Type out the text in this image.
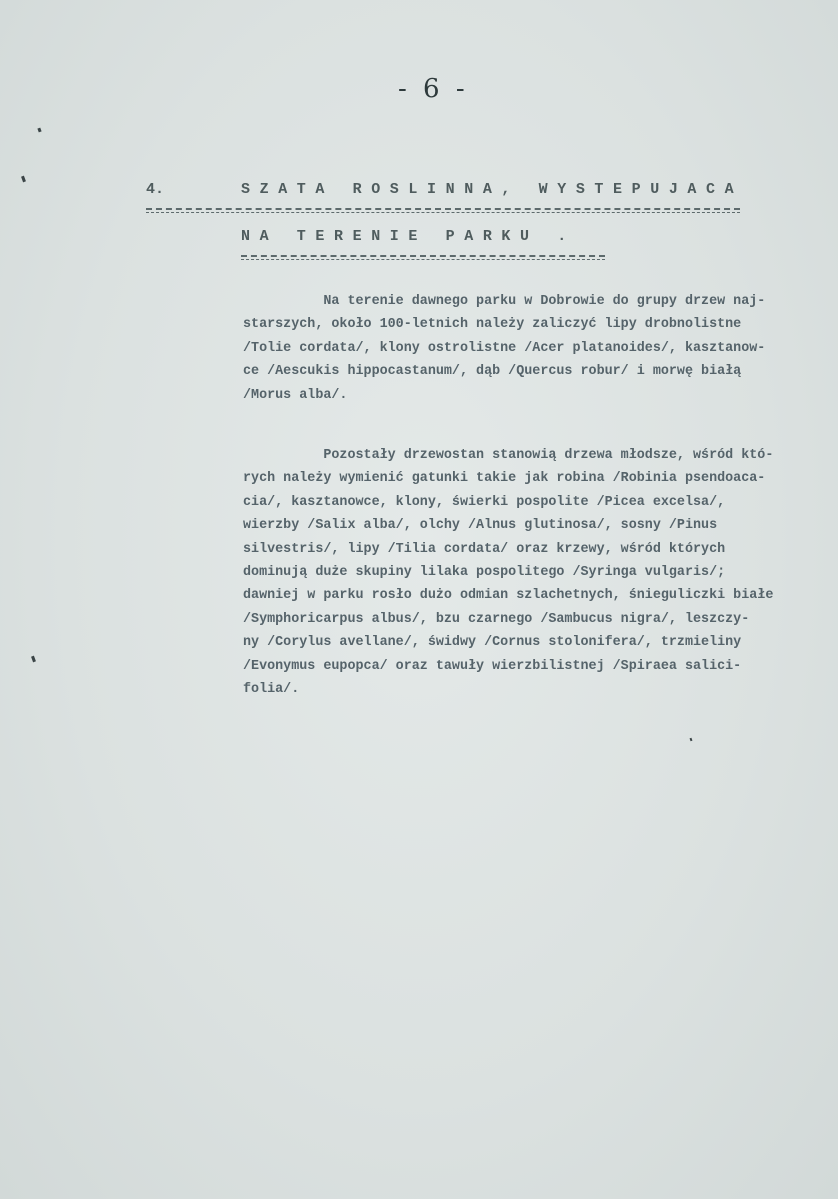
- 6 -
4.	SZATA ROSLINNA, WYSTEPUJACA
NA TERENIE PARKU .
Na terenie dawnego parku w Dobrowie do grupy drzew naj-
starszych, około 100-letnich należy zaliczyć lipy drobnolistne
/Tolie cordata/, klony ostrolistne /Acer platanoides/, kasztanow-
ce /Aescukis hippocastanum/, dąb /Quercus robur/ i morwę białą
/Morus alba/.
Pozostały drzewostan stanowią drzewa młodsze, wśród któ-
rych należy wymienić gatunki takie jak robina /Robinia psendoaca-
cia/, kasztanowce, klony, świerki pospolite /Picea excelsa/,
wierzby /Salix alba/, olchy /Alnus glutinosa/, sosny /Pinus
silvestris/, lipy /Tilia cordata/ oraz krzewy, wśród których
dominują duże skupiny lilaka pospolitego /Syringa vulgaris/;
dawniej w parku rosło dużo odmian szlachetnych, śnieguliczki białe
/Symphoricarpus albus/, bzu czarnego /Sambucus nigra/, leszczy-
ny /Corylus avellane/, świdwy /Cornus stolonifera/, trzmieliny
/Evonymus eupopca/ oraz tawuły wierzbilistnej /Spiraea salici-
folia/.
